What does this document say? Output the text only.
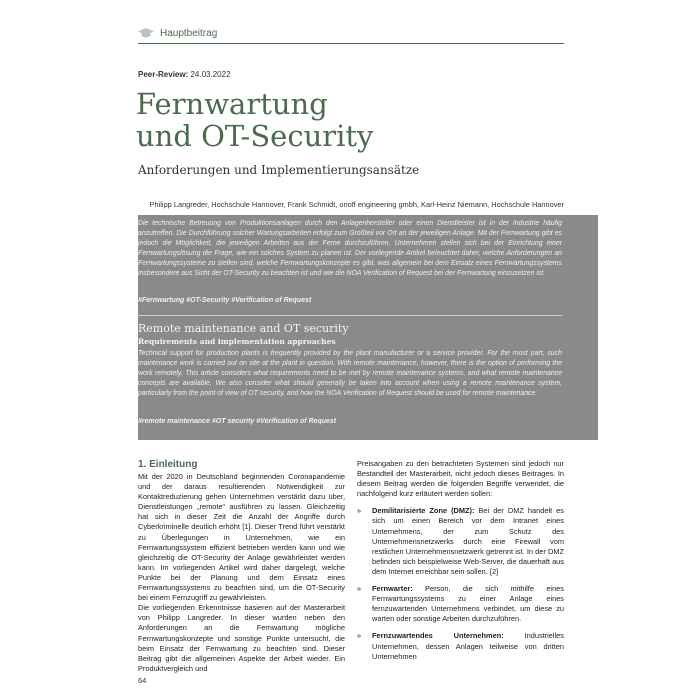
Hauptbeitrag
Peer-Review: 24.03.2022
Fernwartung
und OT-Security
Anforderungen und Implementierungsansätze
Philipp Langreder, Hochschule Hannover, Frank Schmidt, onoff engineering gmbh, Karl-Heinz Niemann, Hochschule Hannover
Die technische Betreuung von Produktionsanlagen durch den Anlagenhersteller oder einen Dienstleister ist in der Industrie häufig anzutreffen. Die Durchführung solcher Wartungsarbeiten erfolgt zum Großteil vor Ort an der jeweiligen Anlage. Mit der Fernwartung gibt es jedoch die Möglichkeit, die jeweiligen Arbeiten aus der Ferne durchzuführen. Unternehmen stellen sich bei der Einrichtung einer Fernwartungslösung die Frage, wie ein solches System zu planen ist. Der vorliegende Artikel beleuchtet daher, welche Anforderungen an Fernwartungssysteme zu stellen sind, welche Fernwartungskonzepte es gibt, was allgemein bei dem Einsatz eines Fernwartungssystems insbesondere aus Sicht der OT-Security zu beachten ist und wie die NOA Verification of Request bei der Fernwartung einzusetzen ist.
#Fernwartung #OT-Security #Verification of Request
Remote maintenance and OT security
Requirements and implementation approaches
Technical support for production plants is frequently provided by the plant manufacturer or a service provider. For the most part, such maintenance work is carried out on site at the plant in question. With remote maintenance, however, there is the option of performing the work remotely. This article considers what requirements need to be met by remote maintenance systems, and what remote maintenance concepts are available. We also consider what should generally be taken into account when using a remote maintenance system, particularly from the point of view of OT security, and how the NOA Verification of Request should be used for remote maintenance.
#remote maintenance #OT security #Verification of Request
1. Einleitung

Mit der 2020 in Deutschland beginnenden Coronapandemie und der daraus resultierenden Notwendigkeit zur Kontaktreduzierung gehen Unternehmen verstärkt dazu über, Dienstleistungen „remote“ ausführen zu lassen. Gleichzeitig hat sich in dieser Zeit die Anzahl der Angriffe durch Cyberkriminelle deutlich erhöht [1]. Dieser Trend führt verstärkt zu Überlegungen in Unternehmen, wie ein Fernwartungssystem effizient betrieben werden kann und wie gleichzeitig die OT-Security der Anlage gewährleistet werden kann. Im vorliegenden Artikel wird daher dargelegt, welche Punkte bei der Planung und dem Einsatz eines Fernwartungssystems zu beachten sind, um die OT-Security bei einem Fernzugriff zu gewährleisten.

Die vorliegenden Erkenntnisse basieren auf der Masterarbeit von Philipp Langreder. In dieser wurden neben den Anforderungen an die Fernwartung mögliche Fernwartungskonzepte und sonstige Punkte untersucht, die beim Einsatz der Fernwartung zu beachten sind. Dieser Beitrag gibt die allgemeinen Aspekte der Arbeit wieder. Ein Produktvergleich und

Preisangaben zu den betrachteten Systemen sind jedoch nur Bestandteil der Masterarbeit, nicht jedoch dieses Beitrages. In diesem Beitrag werden die folgenden Begriffe verwendet, die nachfolgend kurz erläutert werden sollen:

»	Demilitarisierte Zone (DMZ): Bei der DMZ handelt es sich um einen Bereich vor dem Intranet eines Unternehmens, der zum Schutz des Unternehmensnetzwerks durch eine Firewall vom restlichen Unternehmensnetzwerk getrennt ist. In der DMZ befinden sich beispielweise Web-Server, die dauerhaft aus dem Internet erreichbar sein sollen. [2]
»	Fernwarter: Person, die sich mithilfe eines Fernwartungssystems zu einer Anlage eines fernzuwartenden Unternehmens verbindet, um diese zu warten oder sonstige Arbeiten durchzuführen.
»	Fernzuwartendes Unternehmen: Industrielles Unternehmen, dessen Anlagen teilweise von dritten Unternehmen
64
